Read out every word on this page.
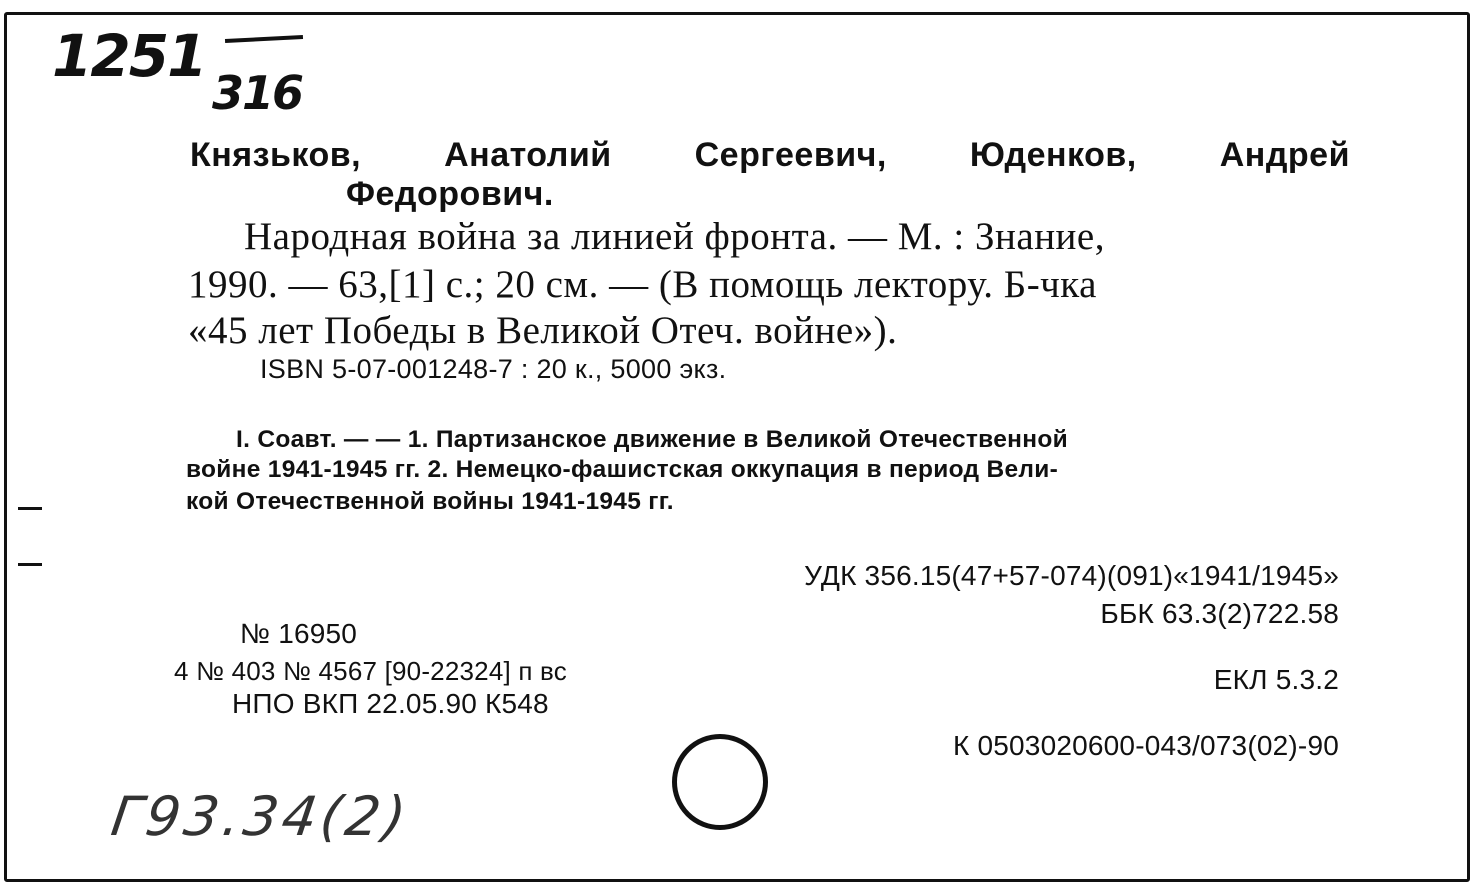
1251
316
Князьков, Анатолий Сергеевич, Юденков, Андрей
Федорович.
Народная война за линией фронта. — М. : Знание,
1990. — 63,[1] с.; 20 см. — (В помощь лектору. Б-чка
«45 лет Победы в Великой Отеч. войне»).
ISBN 5-07-001248-7 : 20 к., 5000 экз.
I. Соавт. — — 1. Партизанское движение в Великой Отечественной
войне 1941-1945 гг. 2. Немецко-фашистская оккупация в период Вели-
кой Отечественной войны 1941-1945 гг.
УДК 356.15(47+57-074)(091)«1941/1945»
ББК 63.3(2)722.58
№ 16950
4 № 403 № 4567 [90-22324] п вс
НПО ВКП 22.05.90 К548
ЕКЛ 5.3.2
К 0503020600-043/073(02)-90
Г93.34(2)
